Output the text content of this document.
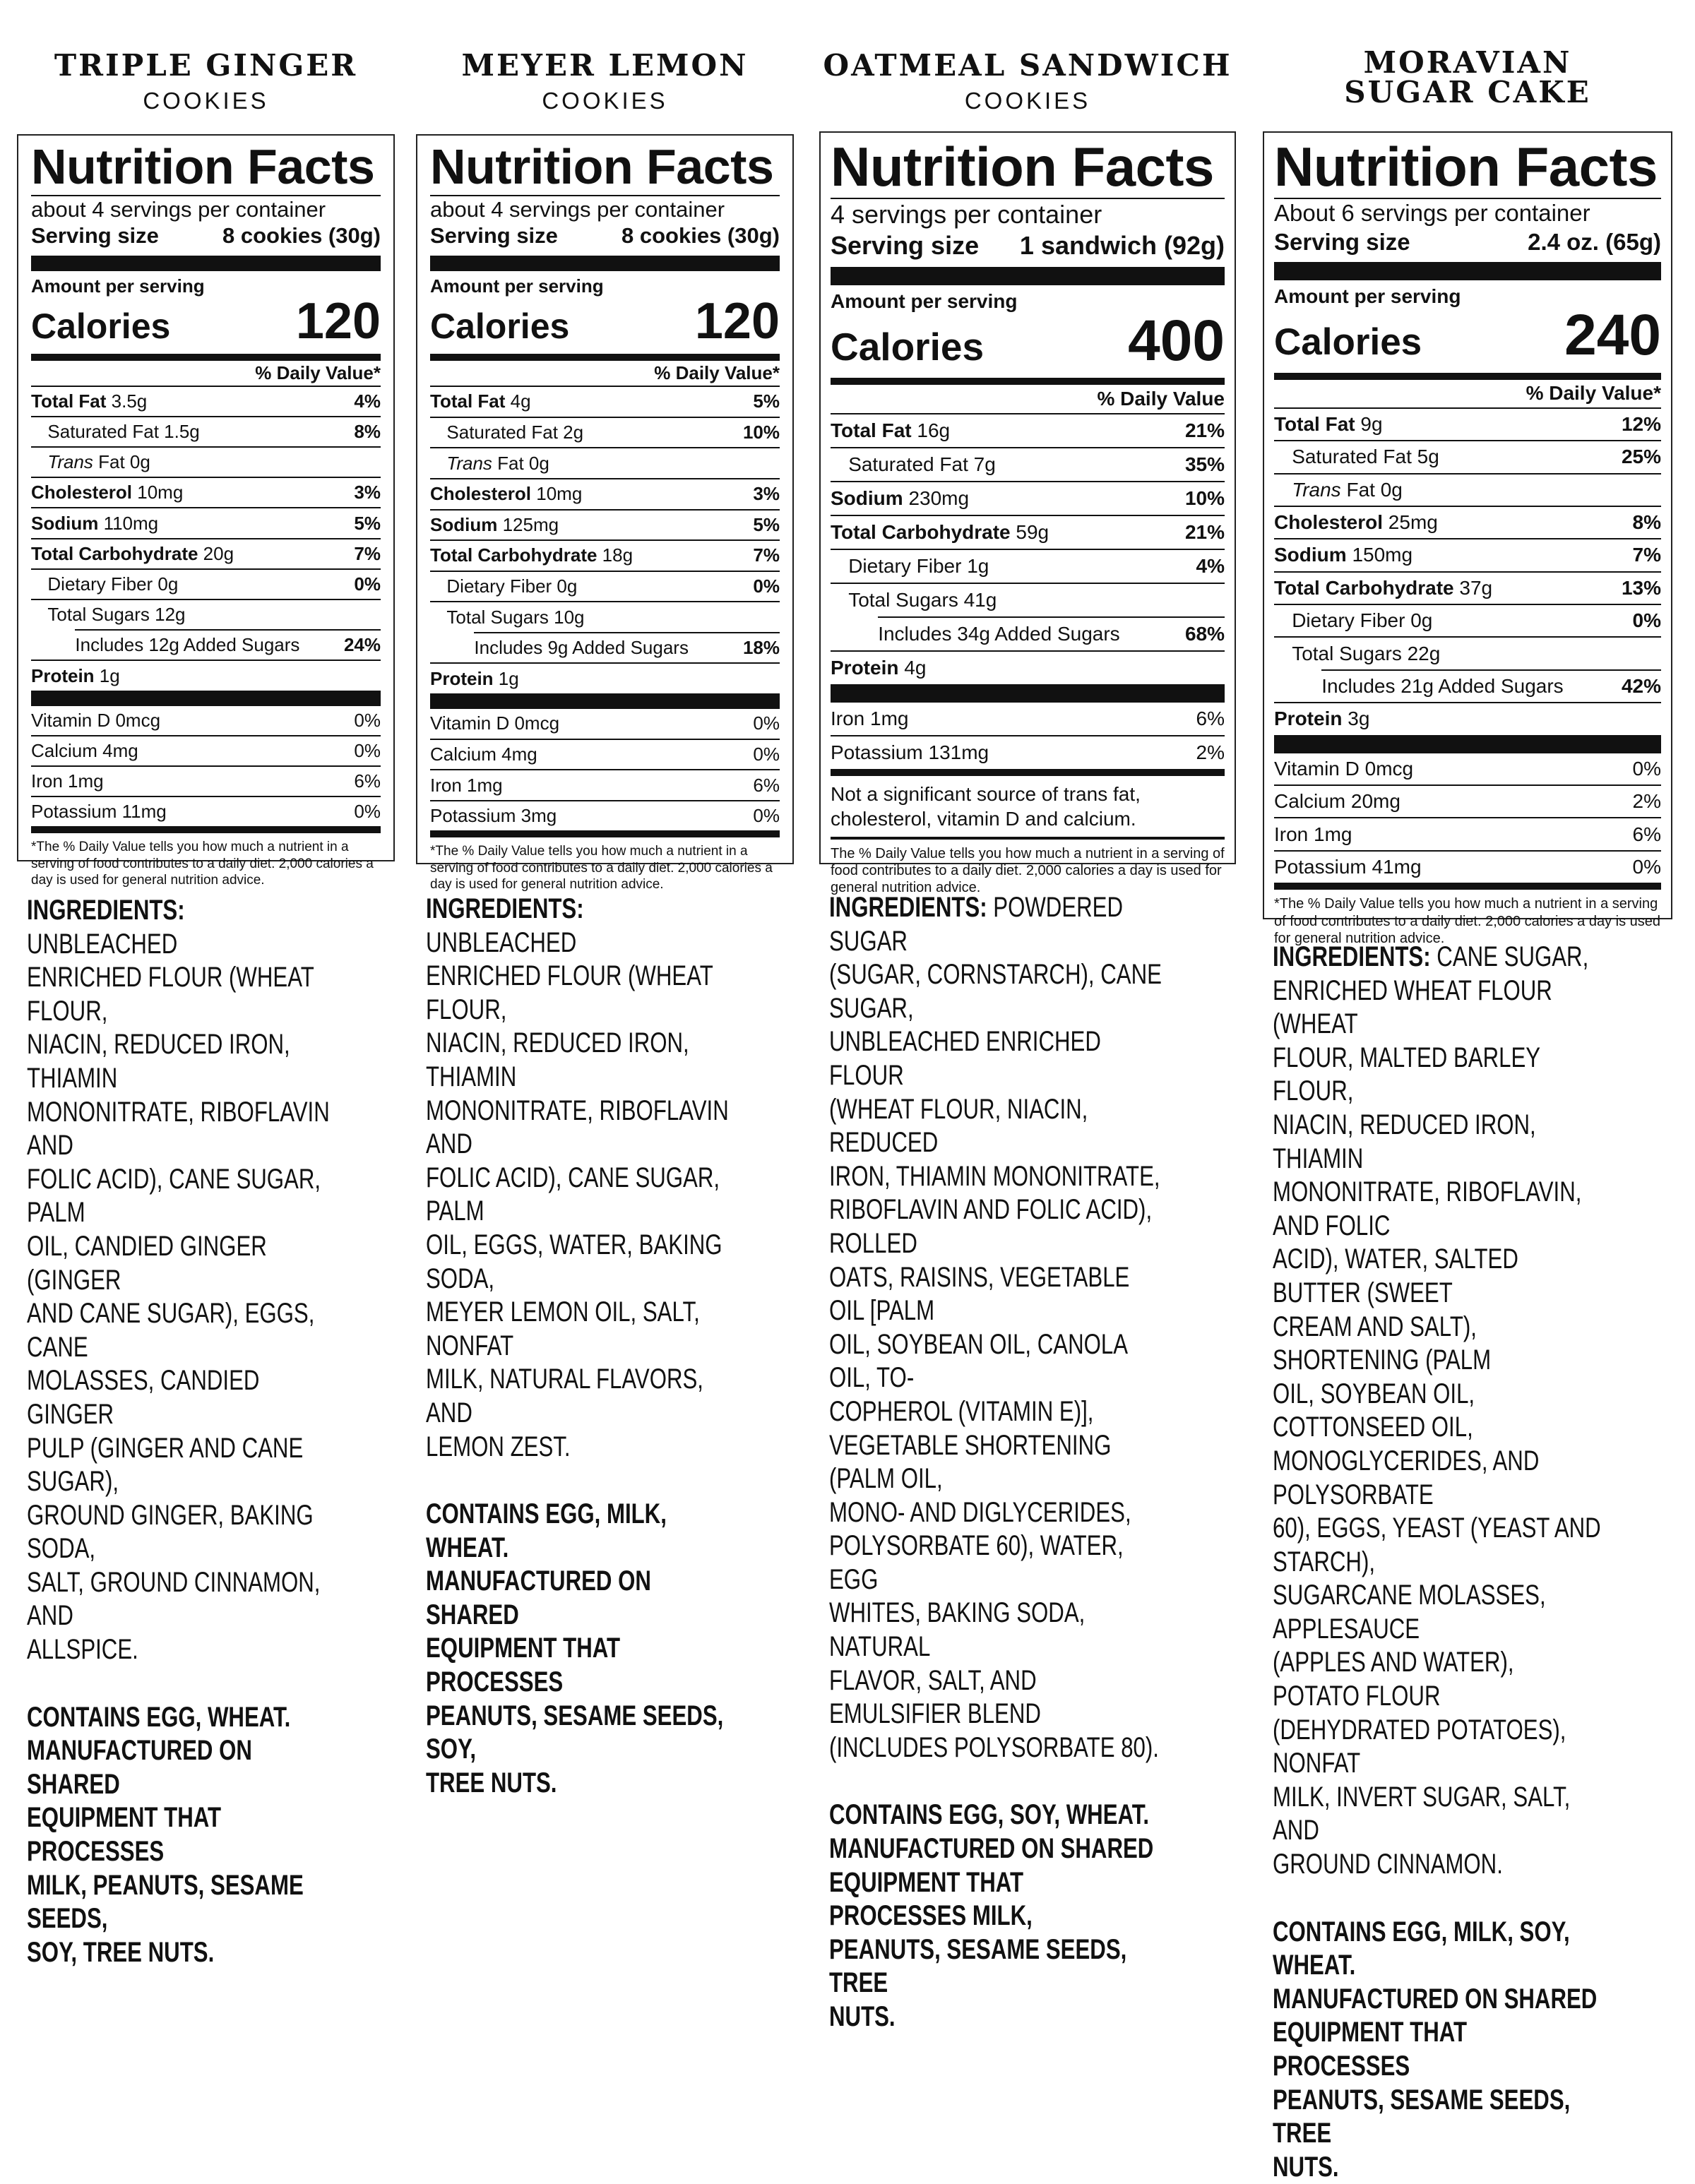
TRIPLE GINGER
COOKIES
Nutrition Facts
about 4 servings per container
Serving size	8 cookies (30g)
Amount per serving
Calories 120
% Daily Value*
Total Fat 3.5g	4%
Saturated Fat 1.5g	8%
Trans Fat 0g
Cholesterol 10mg	3%
Sodium 110mg	5%
Total Carbohydrate 20g	7%
Dietary Fiber 0g	0%
Total Sugars 12g
Includes 12g Added Sugars 24%
Protein 1g
Vitamin D 0mcg	0%
Calcium 4mg	0%
Iron 1mg	6%
Potassium 11mg	0%
*The % Daily Value tells you how much a nutrient in a serving of food contributes to a daily diet. 2,000 calories a day is used for general nutrition advice.
INGREDIENTS: UNBLEACHED
ENRICHED FLOUR (WHEAT FLOUR,
NIACIN, REDUCED IRON, THIAMIN
MONONITRATE, RIBOFLAVIN AND
FOLIC ACID), CANE SUGAR, PALM
OIL, CANDIED GINGER (GINGER
AND CANE SUGAR), EGGS, CANE
MOLASSES, CANDIED GINGER
PULP (GINGER AND CANE SUGAR),
GROUND GINGER, BAKING SODA,
SALT, GROUND CINNAMON, AND
ALLSPICE.
CONTAINS EGG, WHEAT.
MANUFACTURED ON SHARED
EQUIPMENT THAT PROCESSES
MILK, PEANUTS, SESAME SEEDS,
SOY, TREE NUTS.
MEYER LEMON
COOKIES
Nutrition Facts
about 4 servings per container
Serving size	8 cookies (30g)
Amount per serving
Calories 120
% Daily Value*
Total Fat 4g	5%
Saturated Fat 2g	10%
Trans Fat 0g
Cholesterol 10mg	3%
Sodium 125mg	5%
Total Carbohydrate 18g	7%
Dietary Fiber 0g	0%
Total Sugars 10g
Includes 9g Added Sugars	18%
Protein 1g
Vitamin D 0mcg	0%
Calcium 4mg	0%
Iron 1mg	6%
Potassium 3mg	0%
*The % Daily Value tells you how much a nutrient in a serving of food contributes to a daily diet. 2,000 calories a day is used for general nutrition advice.
INGREDIENTS: UNBLEACHED
ENRICHED FLOUR (WHEAT FLOUR,
NIACIN, REDUCED IRON, THIAMIN
MONONITRATE, RIBOFLAVIN AND
FOLIC ACID), CANE SUGAR, PALM
OIL, EGGS, WATER, BAKING SODA,
MEYER LEMON OIL, SALT, NONFAT
MILK, NATURAL FLAVORS, AND
LEMON ZEST.
CONTAINS EGG, MILK, WHEAT.
MANUFACTURED ON SHARED
EQUIPMENT THAT PROCESSES
PEANUTS, SESAME SEEDS, SOY,
TREE NUTS.
OATMEAL SANDWICH
COOKIES
Nutrition Facts
4 servings per container
Serving size 1 sandwich (92g)
Amount per serving
Calories 400
% Daily Value
Total Fat 16g	21%
Saturated Fat 7g	35%
Sodium 230mg	10%
Total Carbohydrate 59g	21%
Dietary Fiber 1g	4%
Total Sugars 41g
Includes 34g Added Sugars	68%
Protein 4g
Iron 1mg	6%
Potassium 131mg	2%
Not a significant source of trans fat, cholesterol, vitamin D and calcium.
The % Daily Value tells you how much a nutrient in a serving of food contributes to a daily diet. 2,000 calories a day is used for general nutrition advice.
INGREDIENTS: POWDERED SUGAR
(SUGAR, CORNSTARCH), CANE SUGAR,
UNBLEACHED ENRICHED FLOUR
(WHEAT FLOUR, NIACIN, REDUCED
IRON, THIAMIN MONONITRATE,
RIBOFLAVIN AND FOLIC ACID), ROLLED
OATS, RAISINS, VEGETABLE OIL [PALM
OIL, SOYBEAN OIL, CANOLA OIL, TO-
COPHEROL (VITAMIN E)],
VEGETABLE SHORTENING (PALM OIL,
MONO- AND DIGLYCERIDES,
POLYSORBATE 60), WATER, EGG
WHITES, BAKING SODA, NATURAL
FLAVOR, SALT, AND EMULSIFIER BLEND
(INCLUDES POLYSORBATE 80).
CONTAINS EGG, SOY, WHEAT.
MANUFACTURED ON SHARED
EQUIPMENT THAT PROCESSES MILK,
PEANUTS, SESAME SEEDS, TREE
NUTS.
MORAVIAN
SUGAR CAKE
Nutrition Facts
About 6 servings per container
Serving size	2.4 oz. (65g)
Amount per serving
Calories 240
% Daily Value*
Total Fat 9g	12%
Saturated Fat 5g	25%
Trans Fat 0g
Cholesterol 25mg	8%
Sodium 150mg	7%
Total Carbohydrate 37g	13%
Dietary Fiber 0g	0%
Total Sugars 22g
Includes 21g Added Sugars	42%
Protein 3g
Vitamin D 0mcg	0%
Calcium 20mg	2%
Iron 1mg	6%
Potassium 41mg	0%
*The % Daily Value tells you how much a nutrient in a serving of food contributes to a daily diet. 2,000 calories a day is used for general nutrition advice.
INGREDIENTS: CANE SUGAR,
ENRICHED WHEAT FLOUR (WHEAT
FLOUR, MALTED BARLEY FLOUR,
NIACIN, REDUCED IRON, THIAMIN
MONONITRATE, RIBOFLAVIN, AND FOLIC
ACID), WATER, SALTED BUTTER (SWEET
CREAM AND SALT), SHORTENING (PALM
OIL, SOYBEAN OIL, COTTONSEED OIL,
MONOGLYCERIDES, AND POLYSORBATE
60), EGGS, YEAST (YEAST AND STARCH),
SUGARCANE MOLASSES, APPLESAUCE
(APPLES AND WATER), POTATO FLOUR
(DEHYDRATED POTATOES), NONFAT
MILK, INVERT SUGAR, SALT, AND
GROUND CINNAMON.
CONTAINS EGG, MILK, SOY, WHEAT.
MANUFACTURED ON SHARED
EQUIPMENT THAT PROCESSES
PEANUTS, SESAME SEEDS, TREE
NUTS.
